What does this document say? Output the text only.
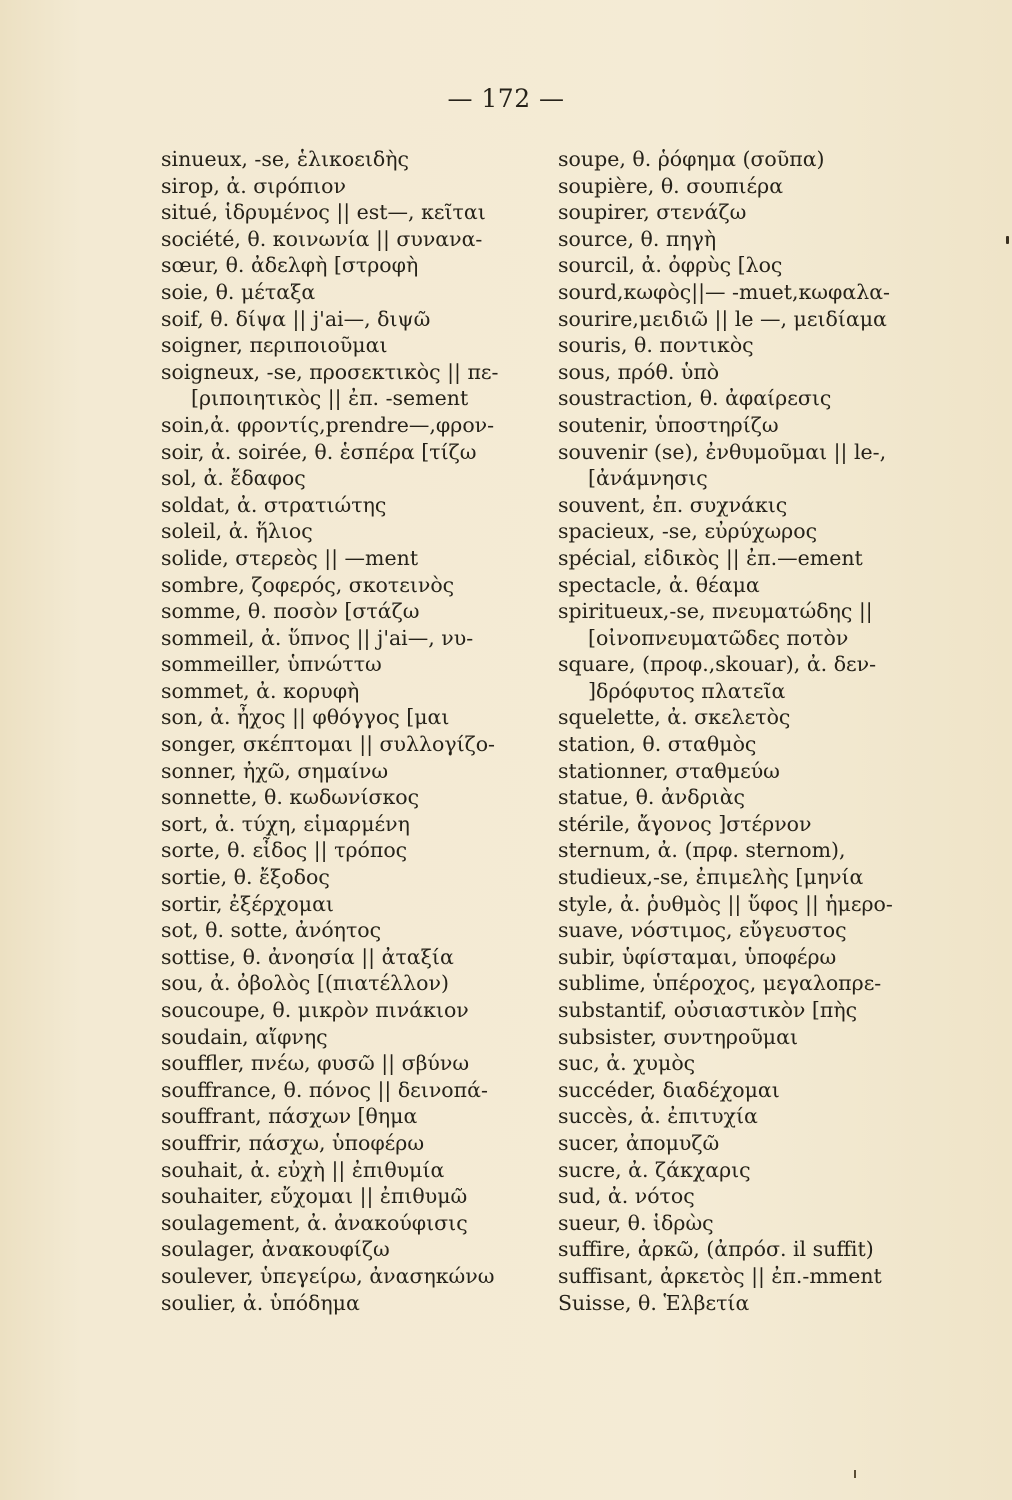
— 172 —
sinueux, -se, ἑλικοειδὴς
sirop, ἀ. σιρόπιον
situé, ἱδρυμένος || est—, κεῖται
société, θ. κοινωνία || συνανα-
sœur, θ. ἀδελφὴ [στροφὴ
soie, θ. μέταξα
soif, θ. δίψα || j'ai—, διψῶ
soigner, περιποιοῦμαι
soigneux, -se, προσεκτικὸς || πε-
[ριποιητικὸς || ἐπ. -sement
soin,ἀ. φροντίς,prendre—,φρον-
soir, ἀ. soirée, θ. ἑσπέρα [τίζω
sol, ἀ. ἔδαφος
soldat, ἀ. στρατιώτης
soleil, ἀ. ἥλιος
solide, στερεὸς || —ment
sombre, ζοφερός, σκοτεινὸς
somme, θ. ποσὸν [στάζω
sommeil, ἀ. ὕπνος || j'ai—, νυ-
sommeiller, ὑπνώττω
sommet, ἀ. κορυφὴ
son, ἀ. ἦχος || φθόγγος [μαι
songer, σκέπτομαι || συλλογίζο-
sonner, ἠχῶ, σημαίνω
sonnette, θ. κωδωνίσκος
sort, ἀ. τύχη, εἱμαρμένη
sorte, θ. εἶδος || τρόπος
sortie, θ. ἔξοδος
sortir, ἐξέρχομαι
sot, θ. sotte, ἀνόητος
sottise, θ. ἀνοησία || ἀταξία
sou, ἀ. ὀβολὸς [(πιατέλλον)
soucoupe, θ. μικρὸν πινάκιον
soudain, αἴφνης
souffler, πνέω, φυσῶ || σβύνω
souffrance, θ. πόνος || δεινοπά-
souffrant, πάσχων [θημα
souffrir, πάσχω, ὑποφέρω
souhait, ἀ. εὐχὴ || ἐπιθυμία
souhaiter, εὔχομαι || ἐπιθυμῶ
soulagement, ἀ. ἀνακούφισις
soulager, ἀνακουφίζω
soulever, ὑπεγείρω, ἀνασηκώνω
soulier, ἀ. ὑπόδημα
soupe, θ. ῥόφημα (σοῦπα)
soupière, θ. σουπιέρα
soupirer, στενάζω
source, θ. πηγὴ
sourcil, ἀ. ὀφρὺς [λος
sourd,κωφὸς||— -muet,κωφαλα-
sourire,μειδιῶ || le —, μειδίαμα
souris, θ. ποντικὸς
sous, πρόθ. ὑπὸ
soustraction, θ. ἀφαίρεσις
soutenir, ὑποστηρίζω
souvenir (se), ἐνθυμοῦμαι || le-,
[ἀνάμνησις
souvent, ἐπ. συχνάκις
spacieux, -se, εὐρύχωρος
spécial, εἰδικὸς || ἐπ.—ement
spectacle, ἀ. θέαμα
spiritueux,-se, πνευματώδης ||
[οἰνοπνευματῶδες ποτὸν
square, (προφ.,skouar), ἀ. δεν-
]δρόφυτος πλατεῖα
squelette, ἀ. σκελετὸς
station, θ. σταθμὸς
stationner, σταθμεύω
statue, θ. ἀνδριὰς
stérile, ἄγονος ]στέρνον
sternum, ἀ. (πρφ. sternom),
studieux,-se, ἐπιμελὴς [μηνία
style, ἀ. ῥυθμὸς || ὕφος || ἡμερο-
suave, νόστιμος, εὔγευστος
subir, ὑφίσταμαι, ὑποφέρω
sublime, ὑπέροχος, μεγαλοπρε-
substantif, οὐσιαστικὸν [πὴς
subsister, συντηροῦμαι
suc, ἀ. χυμὸς
succéder, διαδέχομαι
succès, ἀ. ἐπιτυχία
sucer, ἀπομυζῶ
sucre, ἀ. ζάκχαρις
sud, ἀ. νότος
sueur, θ. ἱδρὼς
suffire, ἀρκῶ, (ἀπρόσ. il suffit)
suffisant, ἀρκετὸς || ἐπ.-mment
Suisse, θ. Ἑλβετία
